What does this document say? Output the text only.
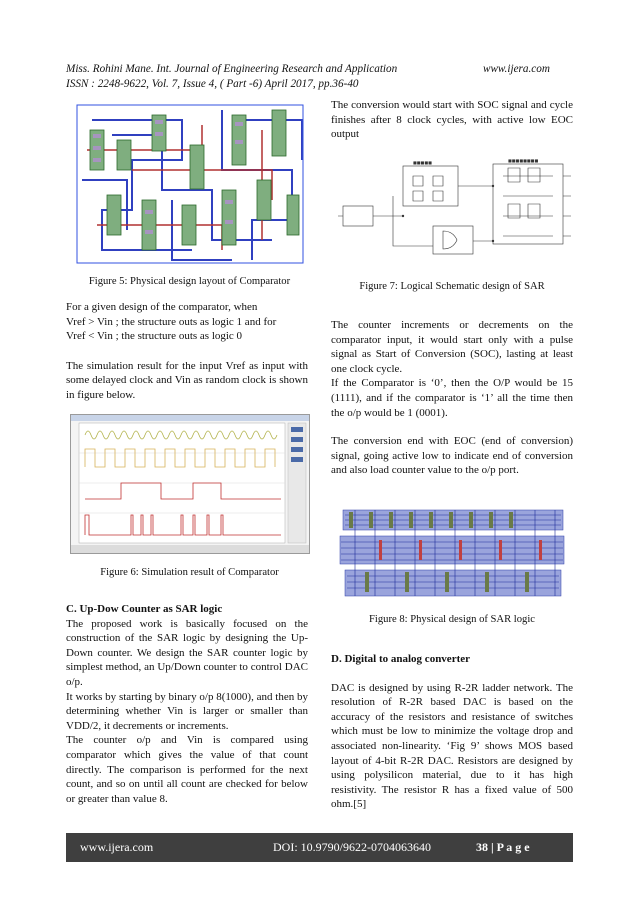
Miss. Rohini Mane. Int. Journal of Engineering Research and Application	www.ijera.com
ISSN : 2248-9622, Vol. 7, Issue 4, ( Part -6) April 2017, pp.36-40
Figure 5: Physical design layout of Comparator

For a given design of the comparator, when

Vref > Vin ; the structure outs as logic 1 and for

Vref < Vin ; the structure outs as logic 0

The simulation result for the input Vref as input with some delayed clock and Vin as random clock is shown in figure below.

Figure 6: Simulation result of Comparator

C. Up-Dow Counter as SAR logic

The proposed work is basically focused on the construction of the SAR logic by designing the Up-Down counter. We design the SAR counter logic by simplest method, an Up/Down counter to control DAC o/p.

It works by starting by binary o/p 8(1000), and then by determining whether Vin is larger or smaller than VDD/2, it decrements or increments.

The counter o/p and Vin is compared using comparator which gives the value of that count directly. The comparison is performed for the next count, and so on until all count are checked for below or greater than value 8.

The conversion would start with SOC signal and cycle finishes after 8 clock cycles, with active low EOC output

■■■■■	■■■■■■■■
Figure 7: Logical Schematic design of SAR

The counter increments or decrements on the comparator input, it would start only with a pulse signal as Start of Conversion (SOC), lasting at least one clock cycle.

If the Comparator is ‘0’, then the O/P would be 15 (1111), and if the comparator is ‘1’ all the time then the o/p would be 1 (0001).

The conversion end with EOC (end of conversion) signal, going active low to indicate end of conversion and also load counter value to the o/p port.

Figure 8: Physical design of SAR logic

D. Digital to analog converter

DAC is designed by using R-2R ladder network. The resolution of R-2R based DAC is based on the accuracy of the resistors and resistance of switches which must be low to minimize the voltage drop and associated non-linearity. ‘Fig 9’ shows MOS based layout of 4-bit R-2R DAC. Resistors are designed by using polysilicon material, due to it has high resistivity. The resistor R has a fixed value of 500 ohm.[5]

www.ijera.com	DOI: 10.9790/9622-0704063640	38 | P a g e
